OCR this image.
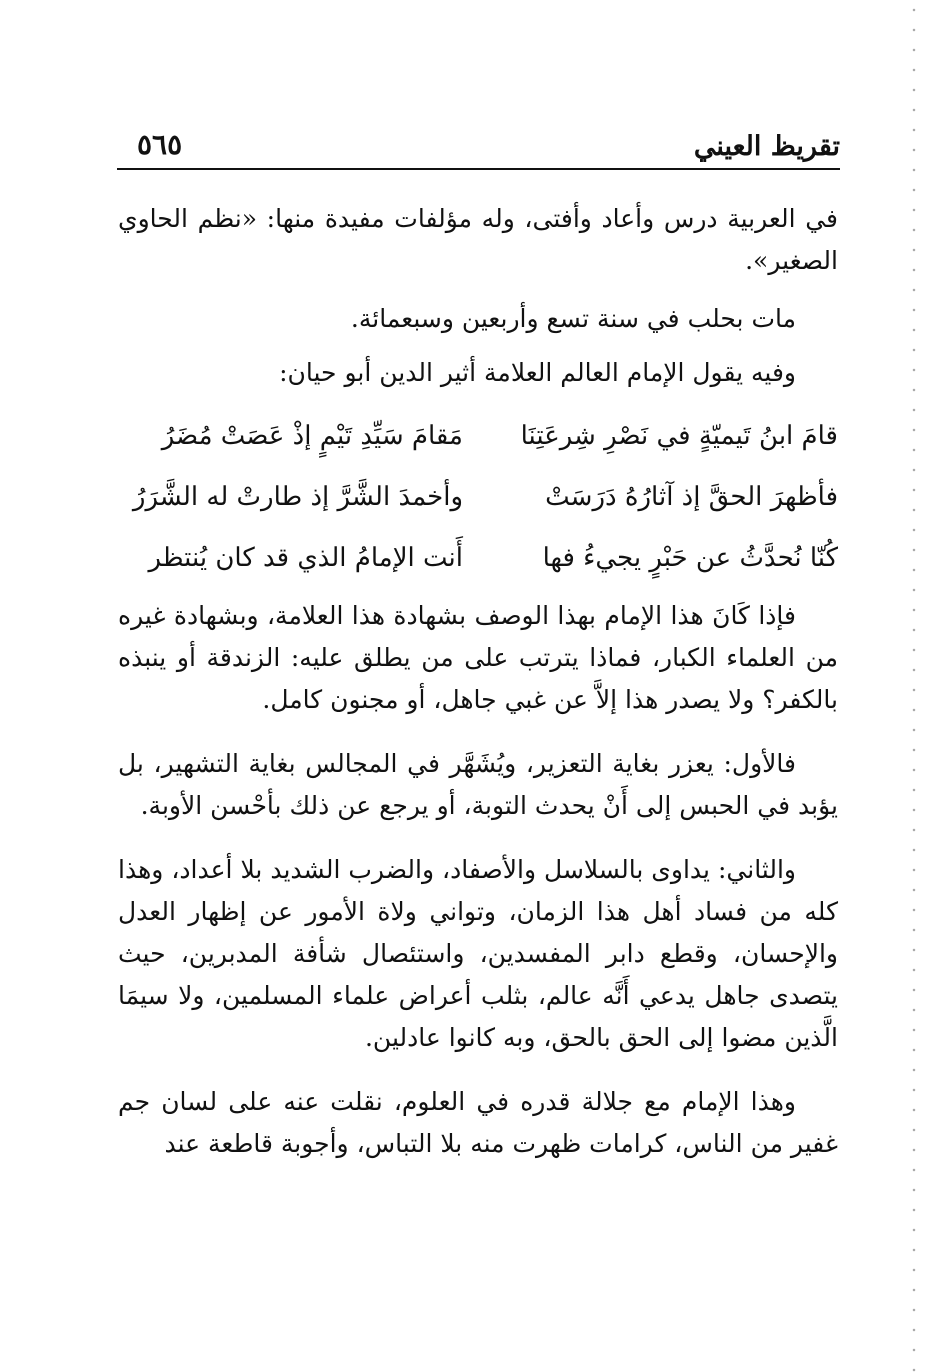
تقريظ العيني
٥٦٥

في العربية درس وأعاد وأفتى، وله مؤلفات مفيدة منها: «نظم الحاوي الصغير».

مات بحلب في سنة تسع وأربعين وسبعمائة.

وفيه يقول الإمام العالم العلامة أثير الدين أبو حيان:

قامَ ابنُ تَيميّةٍ في نَصْرِ شِرعَتِنَا
مَقامَ سَيِّدِ تَيْمٍ إذْ عَصَتْ مُضَرُ
فأظهرَ الحقَّ إذ آثارُهُ دَرَسَتْ
وأخمدَ الشَّرَّ إذ طارتْ له الشَّرَرُ
كُنّا نُحدَّثُ عن حَبْرٍ يجيءُ فها
أَنت الإمامُ الذي قد كان يُنتظر

فإذا كَانَ هذا الإمام بهذا الوصف بشهادة هذا العلامة، وبشهادة غيره من العلماء الكبار، فماذا يترتب على من يطلق عليه: الزندقة أو ينبذه بالكفر؟ ولا يصدر هذا إلاَّ عن غبي جاهل، أو مجنون كامل.

فالأول: يعزر بغاية التعزير، ويُشَهَّر في المجالس بغاية التشهير، بل يؤبد في الحبس إلى أَنْ يحدث التوبة، أو يرجع عن ذلك بأحْسن الأوبة.

والثاني: يداوى بالسلاسل والأصفاد، والضرب الشديد بلا أعداد، وهذا كله من فساد أهل هذا الزمان، وتواني ولاة الأمور عن إظهار العدل والإحسان، وقطع دابر المفسدين، واستئصال شأفة المدبرين، حيث يتصدى جاهل يدعي أَنَّه عالم، بثلب أعراض علماء المسلمين، ولا سيمَا الَّذين مضوا إلى الحق بالحق، وبه كانوا عادلين.

وهذا الإمام مع جلالة قدره في العلوم، نقلت عنه على لسان جم غفير من الناس، كرامات ظهرت منه بلا التباس، وأجوبة قاطعة عند
